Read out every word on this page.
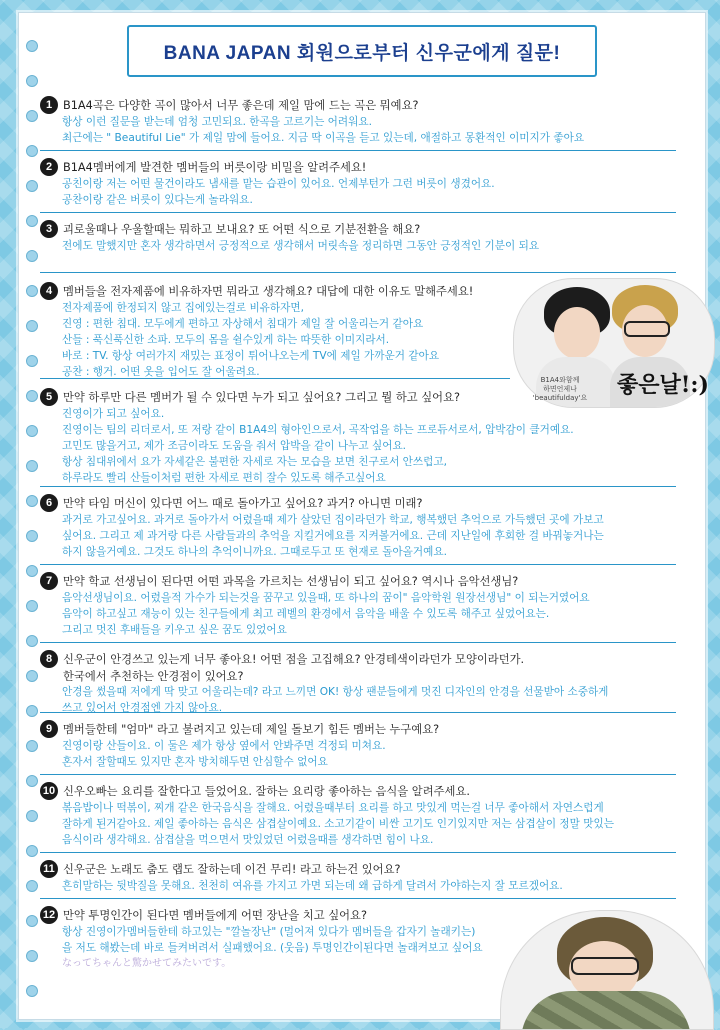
BANA JAPAN 회원으로부터 신우군에게 질문!
1 B1A4곡은 다양한 곡이 많아서 너무 좋은데 제일 맘에 드는 곡은 뭐예요?
항상 이런 질문을 받는데 엄청 고민되요. 한곡을 고르기는 어려워요.
최근에는 " Beautiful Lie" 가 제일 맘에 들어요. 지금 딱 이곡을 듣고 있는데, 애절하고 몽환적인 이미지가 좋아요
2 B1A4멤버에게 발견한 멤버들의 버릇이랑 비밀을 알려주세요!
공친이랑 저는 어떤 물건이라도 냄새를 맡는 습관이 있어요. 언제부턴가 그런 버릇이 생겼어요.
공찬이랑 같은 버릇이 있다는게 놀라워요.
3 괴로울때나 우울할때는 뭐하고 보내요? 또 어떤 식으로 기분전환을 해요?
전에도 말했지만 혼자 생각하면서 긍정적으로 생각해서 머릿속을 정리하면 그동안 긍정적인 기분이 되요
4 멤버들을 전자제품에 비유하자면 뭐라고 생각해요? 대답에 대한 이유도 말해주세요!
전자제품에 한정되지 않고 집에있는걸로 비유하자면,
진영 : 편한 침대. 모두에게 편하고 자상해서 침대가 제일 잘 어울리는거 같아요
산들 : 푹신푹신한 소파. 모두의 몸을 쉴수있게 하는 따뜻한 이미지라서.
바로 : TV. 항상 여러가지 재밌는 표정이 튀어나오는게 TV에 제일 가까운거 같아요
공찬 : 행거. 어떤 옷을 입어도 잘 어울려요.
B1A4와함께
하면언제나
'beautifulday'요	좋은날!:)
5 만약 하루만 다른 멤버가 될 수 있다면 누가 되고 싶어요? 그리고 뭘 하고 싶어요?
진영이가 되고 싶어요.
진영이는 팀의 리더로서, 또 저랑 같이 B1A4의 형아인으로서, 곡작업을 하는 프로듀서로서, 압박감이 클거예요.
고민도 많을거고, 제가 조금이라도 도움을 줘서 압박을 같이 나누고 싶어요.
항상 침대위에서 요가 자세같은 불편한 자세로 자는 모습을 보면 친구로서 안쓰럽고,
하루라도 빨리 산들이처럼 편한 자세로 편히 잘수 있도록 해주고싶어요
6 만약 타임 머신이 있다면 어느 때로 돌아가고 싶어요? 과거? 아니면 미래?
과거로 가고싶어요. 과거로 돌아가서 어렸을때 제가 살았던 집이라던가 학교, 행복했던 추억으로 가득했던 곳에 가보고
싶어요. 그리고 제 과거랑 다른 사람들과의 추억을 지킬거에요를 지켜볼거에요. 근데 지난일에 후회한 걸 바꿔놓거나는
하지 않을거예요. 그것도 하나의 추억이니까요. 그때로두고 또 현재로 돌아올거예요.
7 만약 학교 선생님이 된다면 어떤 과목을 가르치는 선생님이 되고 싶어요? 역시나 음악선생님?
음악선생님이요. 어렸을적 가수가 되는것을 꿈꾸고 있을때, 또 하나의 꿈이" 음악학원 원장선생님" 이 되는거였어요
음악이 하고싶고 재능이 있는 친구들에게 최고 레벨의 환경에서 음악을 배울 수 있도록 해주고 싶었어요는.
그리고 멋진 후배들을 키우고 싶은 꿈도 있었어요
8 신우군이 안경쓰고 있는게 너무 좋아요! 어떤 점을 고집해요? 안경테색이라던가 모양이라던가.
한국에서 추천하는 안경점이 있어요?
안경을 썼을때 저에게 딱 맞고 어울리는데? 라고 느끼면 OK! 항상 팬분들에게 멋진 디자인의 안경을 선물받아 소중하게
쓰고 있어서 안경점엔 가지 않아요.
9 멤버들한테 "엄마" 라고 불려지고 있는데 제일 돌보기 힘든 멤버는 누구예요?
진영이랑 산들이요. 이 둘은 제가 항상 옆에서 안봐주면 걱정되 미쳐요.
혼자서 잘할때도 있지만 혼자 방치해두면 안심할수 없어요
10 신우오빠는 요리를 잘한다고 들었어요. 잘하는 요리랑 좋아하는 음식을 알려주세요.
볶음밥이나 떡볶이, 찌개 같은 한국음식을 잘해요. 어렸을때부터 요리를 하고 맛있게 먹는걸 너무 좋아해서 자연스럽게
잘하게 된거같아요. 제일 좋아하는 음식은 삼겹살이예요. 소고기같이 비싼 고기도 인기있지만 저는 삼겹살이 정말 맛있는
음식이라 생각해요. 삼겹살을 먹으면서 맛있었던 어렸을때를 생각하면 힘이 나요.
11 신우군은 노래도 춤도 랩도 잘하는데 이건 무리! 라고 하는건 있어요?
흔히말하는 뒷박질을 못해요. 천천히 여유를 가지고 가면 되는데 왜 급하게 달려서 가야하는지 잘 모르겠어요.
12 만약 투명인간이 된다면 멤버들에게 어떤 장난을 치고 싶어요?
항상 진영이가멤버들한테 하고있는 "깔놀장난" (멀어져 있다가 멤버들을 갑자기 놀래키는)
을 저도 해봤는데 바로 들켜버려서 실패했어요. (웃음) 투명인간이된다면 놀래켜보고 싶어요
なってちゃんと驚かせてみたいです。
